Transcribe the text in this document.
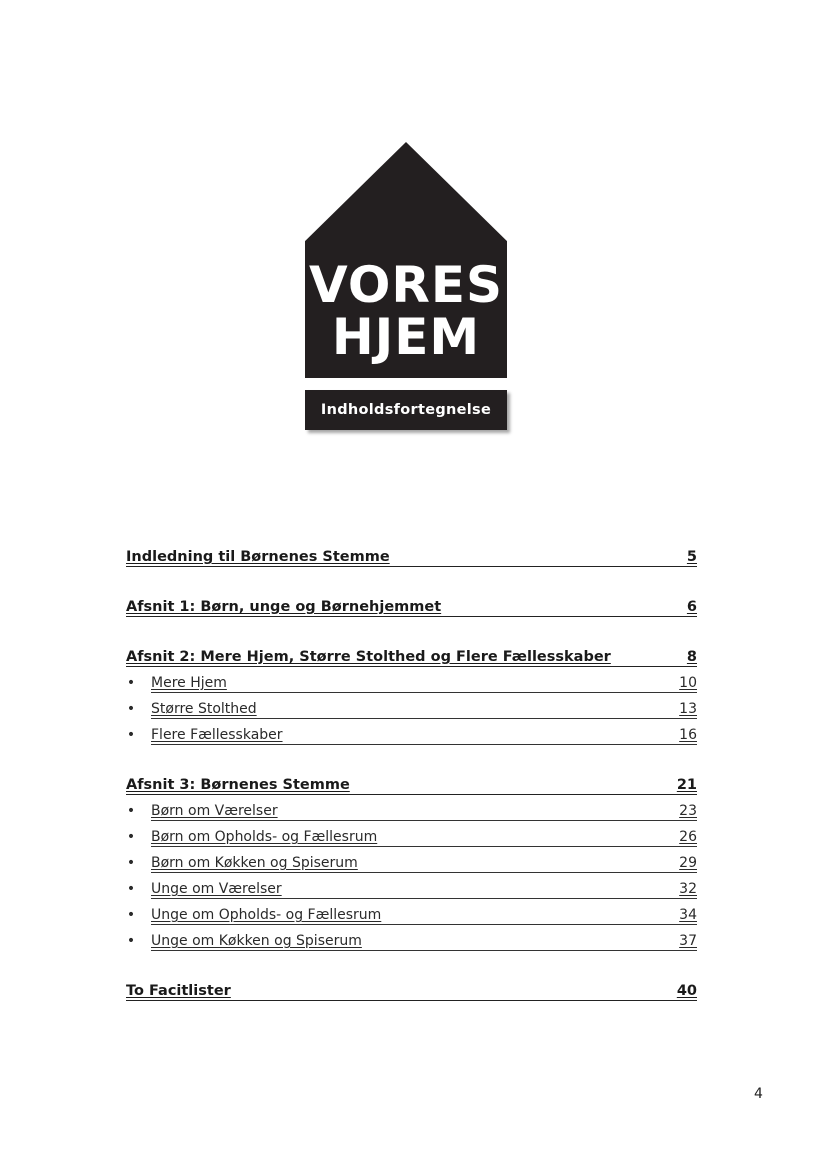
VORES
HJEM
Indholdsfortegnelse
Indledning til Børnenes Stemme	5
Afsnit 1: Børn, unge og Børnehjemmet	6
Afsnit 2: Mere Hjem, Større Stolthed og Flere Fællesskaber	8
• Mere Hjem	10
• Større Stolthed	13
• Flere Fællesskaber	16
Afsnit 3: Børnenes Stemme	21
• Børn om Værelser	23
• Børn om Opholds- og Fællesrum	26
• Børn om Køkken og Spiserum	29
• Unge om Værelser	32
• Unge om Opholds- og Fællesrum	34
• Unge om Køkken og Spiserum	37
To Facitlister	40
4
